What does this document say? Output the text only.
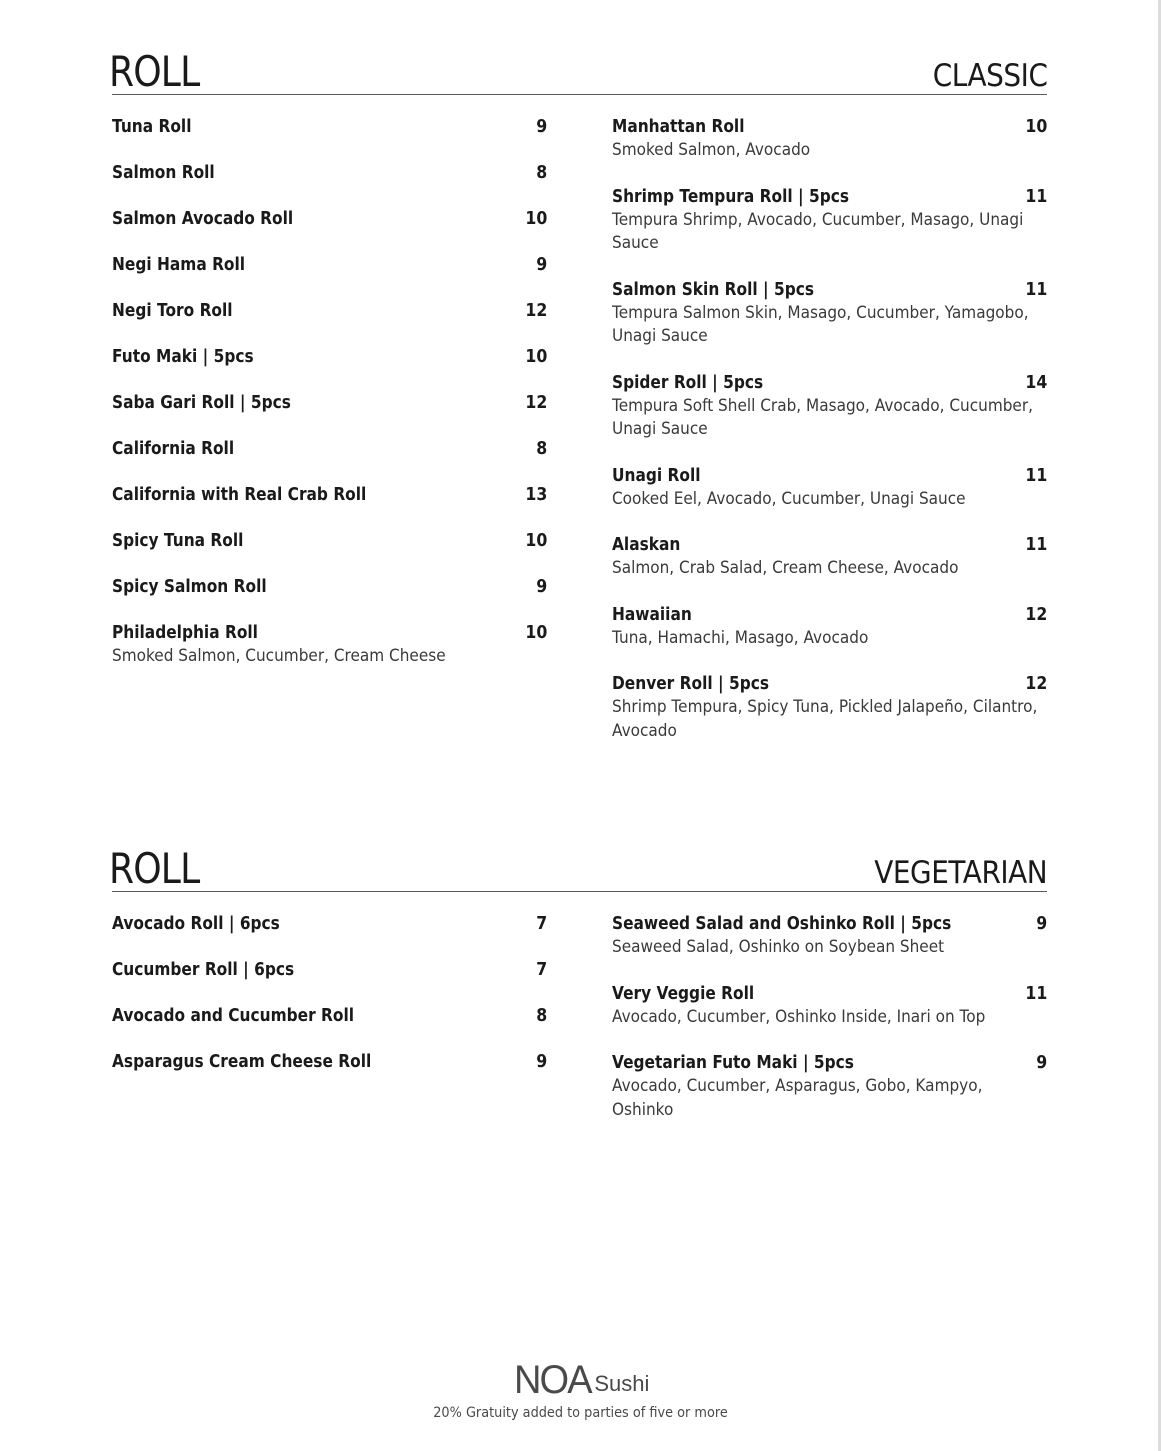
ROLL	CLASSIC
Tuna Roll	9
Salmon Roll	8
Salmon Avocado Roll	10
Negi Hama Roll	9
Negi Toro Roll	12
Futo Maki | 5pcs	10
Saba Gari Roll | 5pcs	12
California Roll	8
California with Real Crab Roll	13
Spicy Tuna Roll	10
Spicy Salmon Roll	9
Philadelphia Roll	10
Smoked Salmon, Cucumber, Cream Cheese
Manhattan Roll	10
Smoked Salmon, Avocado
Shrimp Tempura Roll | 5pcs	11
Tempura Shrimp, Avocado, Cucumber, Masago, Unagi Sauce
Salmon Skin Roll | 5pcs	11
Tempura Salmon Skin, Masago, Cucumber, Yamagobo, Unagi Sauce
Spider Roll | 5pcs	14
Tempura Soft Shell Crab, Masago, Avocado, Cucumber, Unagi Sauce
Unagi Roll	11
Cooked Eel, Avocado, Cucumber, Unagi Sauce
Alaskan	11
Salmon, Crab Salad, Cream Cheese, Avocado
Hawaiian	12
Tuna, Hamachi, Masago, Avocado
Denver Roll | 5pcs	12
Shrimp Tempura, Spicy Tuna, Pickled Jalapeño, Cilantro, Avocado
ROLL	VEGETARIAN
Avocado Roll | 6pcs	7
Cucumber Roll | 6pcs	7
Avocado and Cucumber Roll	8
Asparagus Cream Cheese Roll	9
Seaweed Salad and Oshinko Roll | 5pcs	9
Seaweed Salad, Oshinko on Soybean Sheet
Very Veggie Roll	11
Avocado, Cucumber, Oshinko Inside, Inari on Top
Vegetarian Futo Maki | 5pcs	9
Avocado, Cucumber, Asparagus, Gobo, Kampyo, Oshinko
NOA Sushi
20% Gratuity added to parties of five or more
